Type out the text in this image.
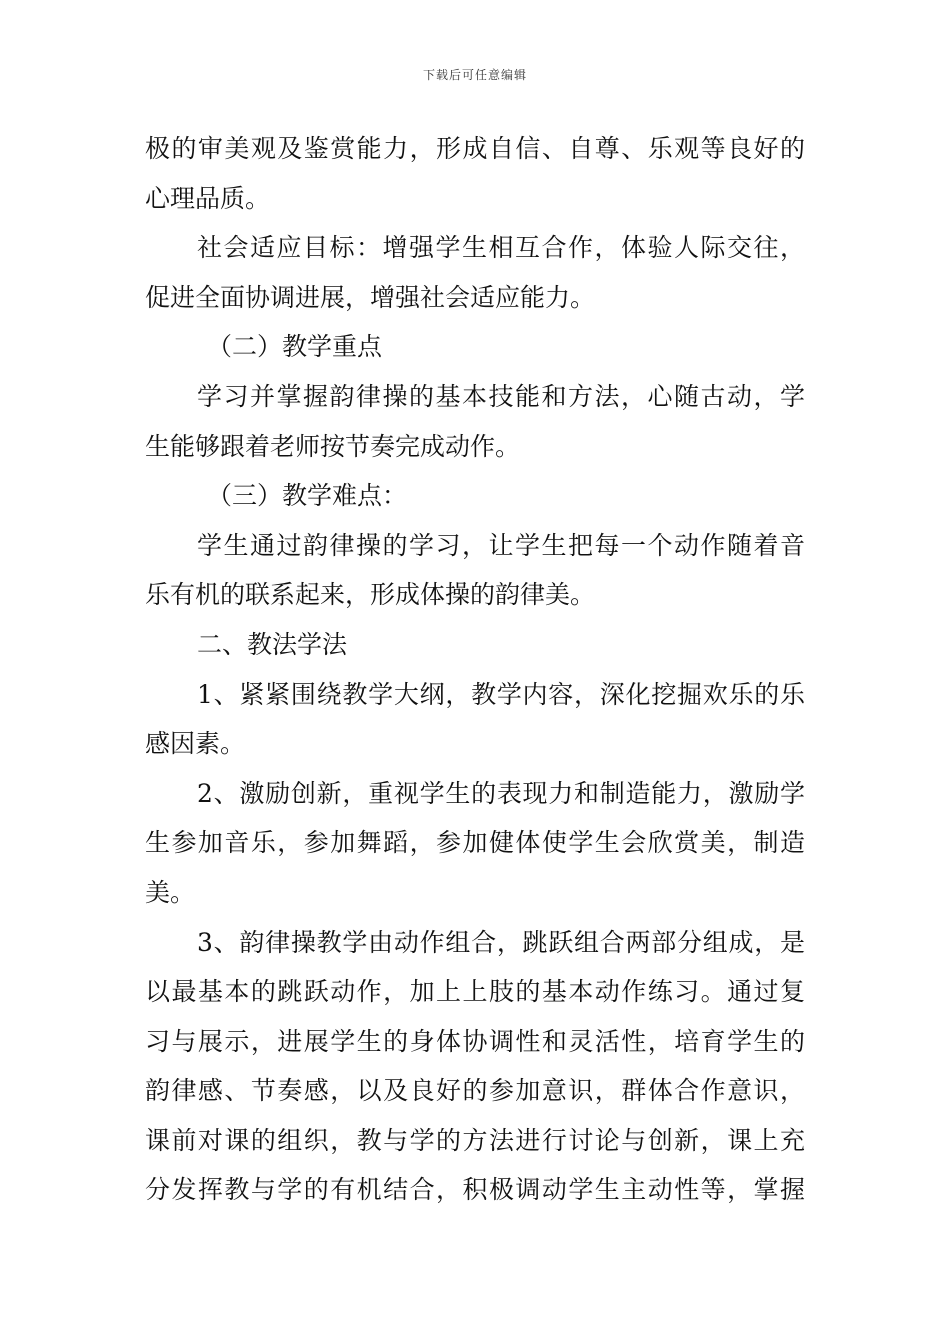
下载后可任意编辑
极的审美观及鉴赏能力，形成自信、自尊、乐观等良好的
心理品质。
社会适应目标：增强学生相互合作，体验人际交往，
促进全面协调进展，增强社会适应能力。
（二）教学重点
学习并掌握韵律操的基本技能和方法，心随古动，学
生能够跟着老师按节奏完成动作。
（三）教学难点：
学生通过韵律操的学习，让学生把每一个动作随着音
乐有机的联系起来，形成体操的韵律美。
二、教法学法
1、紧紧围绕教学大纲，教学内容，深化挖掘欢乐的乐
感因素。
2、激励创新，重视学生的表现力和制造能力，激励学
生参加音乐，参加舞蹈，参加健体使学生会欣赏美，制造
美。
3、韵律操教学由动作组合，跳跃组合两部分组成，是
以最基本的跳跃动作，加上上肢的基本动作练习。通过复
习与展示，进展学生的身体协调性和灵活性，培育学生的
韵律感、节奏感，以及良好的参加意识，群体合作意识，
课前对课的组织，教与学的方法进行讨论与创新，课上充
分发挥教与学的有机结合，积极调动学生主动性等，掌握
